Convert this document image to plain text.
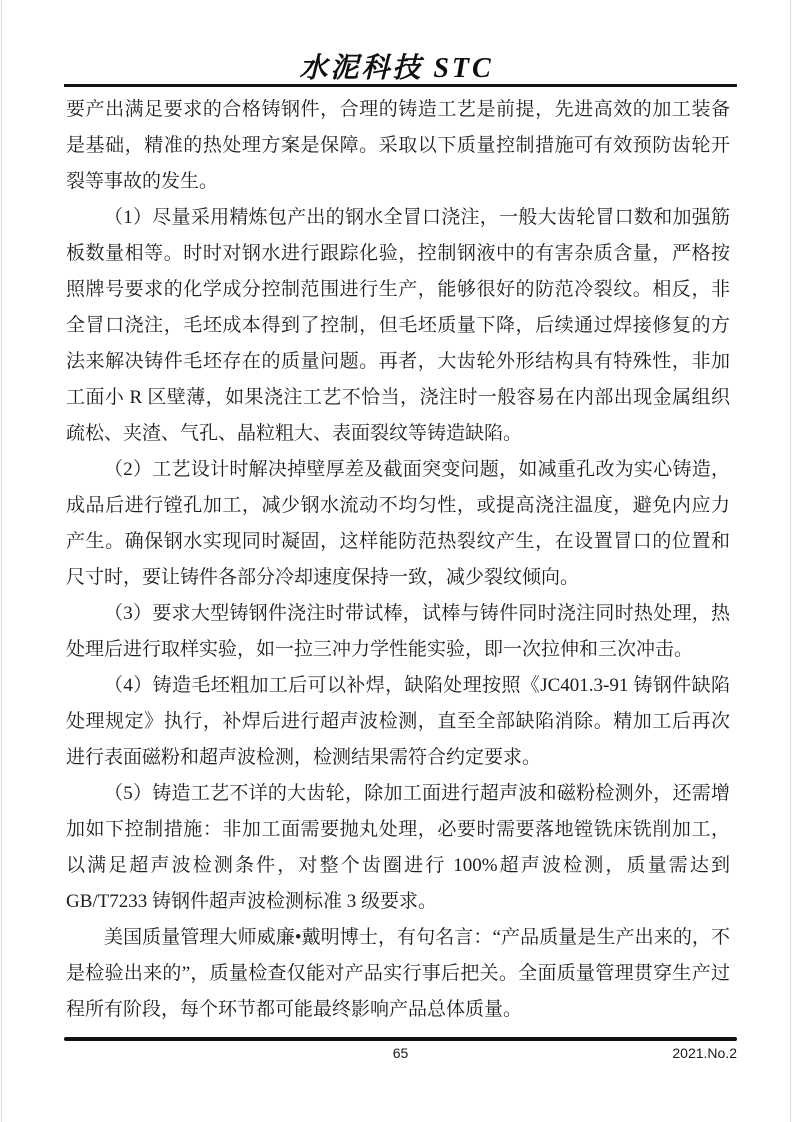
水泥科技 STC

要产出满足要求的合格铸钢件，合理的铸造工艺是前提，先进高效的加工装备是基础，精准的热处理方案是保障。采取以下质量控制措施可有效预防齿轮开裂等事故的发生。

（1）尽量采用精炼包产出的钢水全冒口浇注，一般大齿轮冒口数和加强筋板数量相等。时时对钢水进行跟踪化验，控制钢液中的有害杂质含量，严格按照牌号要求的化学成分控制范围进行生产，能够很好的防范冷裂纹。相反，非全冒口浇注，毛坯成本得到了控制，但毛坯质量下降，后续通过焊接修复的方法来解决铸件毛坯存在的质量问题。再者，大齿轮外形结构具有特殊性，非加工面小 R 区壁薄，如果浇注工艺不恰当，浇注时一般容易在内部出现金属组织疏松、夹渣、气孔、晶粒粗大、表面裂纹等铸造缺陷。

（2）工艺设计时解决掉壁厚差及截面突变问题，如减重孔改为实心铸造，成品后进行镗孔加工，减少钢水流动不均匀性，或提高浇注温度，避免内应力产生。确保钢水实现同时凝固，这样能防范热裂纹产生，在设置冒口的位置和尺寸时，要让铸件各部分冷却速度保持一致，减少裂纹倾向。

（3）要求大型铸钢件浇注时带试棒，试棒与铸件同时浇注同时热处理，热处理后进行取样实验，如一拉三冲力学性能实验，即一次拉伸和三次冲击。

（4）铸造毛坯粗加工后可以补焊，缺陷处理按照《JC401.3-91 铸钢件缺陷处理规定》执行，补焊后进行超声波检测，直至全部缺陷消除。精加工后再次进行表面磁粉和超声波检测，检测结果需符合约定要求。

（5）铸造工艺不详的大齿轮，除加工面进行超声波和磁粉检测外，还需增加如下控制措施：非加工面需要抛丸处理，必要时需要落地镗铣床铣削加工，以满足超声波检测条件，对整个齿圈进行 100%超声波检测，质量需达到 GB/T7233 铸钢件超声波检测标准 3 级要求。

美国质量管理大师威廉•戴明博士，有句名言：“产品质量是生产出来的，不是检验出来的”，质量检查仅能对产品实行事后把关。全面质量管理贯穿生产过程所有阶段，每个环节都可能最终影响产品总体质量。

65	2021.No.2
